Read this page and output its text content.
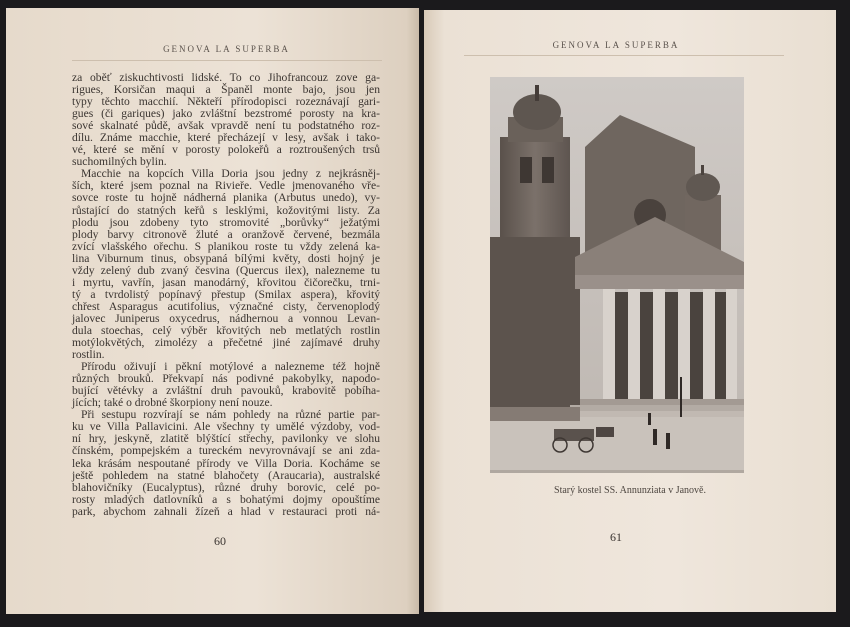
GENOVA LA SUPERBA
za oběť ziskuchtivosti lidské. To co Jihofrancouz zove ga-
rigues, Korsičan maqui a Španěl monte bajo, jsou jen
typy těchto macchií. Někteří přírodopisci rozeznávají gari-
gues (či gariques) jako zvláštní bezstromé porosty na kra-
sové skalnaté půdě, avšak vpravdě není tu podstatného roz-
dílu. Známe macchie, které přecházejí v lesy, avšak i tako-
vé, které se mění v porosty polokeřů a roztroušených trsů
suchomilných bylin.
Macchie na kopcích Villa Doria jsou jedny z nejkrásněj-
ších, které jsem poznal na Rivieře. Vedle jmenovaného vře-
sovce roste tu hojně nádherná planika (Arbutus unedo), vy-
růstající do statných keřů s lesklými, kožovitými listy. Za
plodu jsou zdobeny tyto stromovité „borůvky“ ježatými
plody barvy citronově žluté a oranžově červené, bezmála
zvící vlašského ořechu. S planikou roste tu vždy zelená ka-
lina Viburnum tinus, obsypaná bílými květy, dosti hojný je
vždy zelený dub zvaný česvina (Quercus ilex), nalezneme tu
i myrtu, vavřín, jasan manodárný, křovitou čičorečku, trni-
tý a tvrdolistý popínavý přestup (Smilax aspera), křovitý
chřest Asparagus acutifolius, význačné cisty, červenoplodý
jalovec Juniperus oxycedrus, nádhernou a vonnou Levan-
dula stoechas, celý výběr křovitých neb metlatých rostlin
motýlokvětých, zimolézy a přečetné jiné zajímavé druhy
rostlin.
Přírodu oživují i pěkní motýlové a nalezneme též hojně
různých brouků. Překvapí nás podivné pakobylky, napodo-
bující větévky a zvláštní druh pavouků, krabovitě pobíha-
jících; také o drobné škorpiony není nouze.
Při sestupu rozvírají se nám pohledy na různé partie par-
ku ve Villa Pallavicini. Ale všechny ty umělé výzdoby, vod-
ní hry, jeskyně, zlatitě blýštící střechy, pavilonky ve slohu
čínském, pompejském a tureckém nevyrovnávají se ani zda-
leka krásám nespoutané přírody ve Villa Doria. Kocháme se
ještě pohledem na statné blahočety (Araucaria), australské
blahovičníky (Eucalyptus), různé druhy borovic, celé po-
rosty mladých datlovníků a s bohatými dojmy opouštíme
park, abychom zahnali žízeň a hlad v restauraci proti ná-
60
GENOVA LA SUPERBA
Starý kostel SS. Annunziata v Janově.
61
